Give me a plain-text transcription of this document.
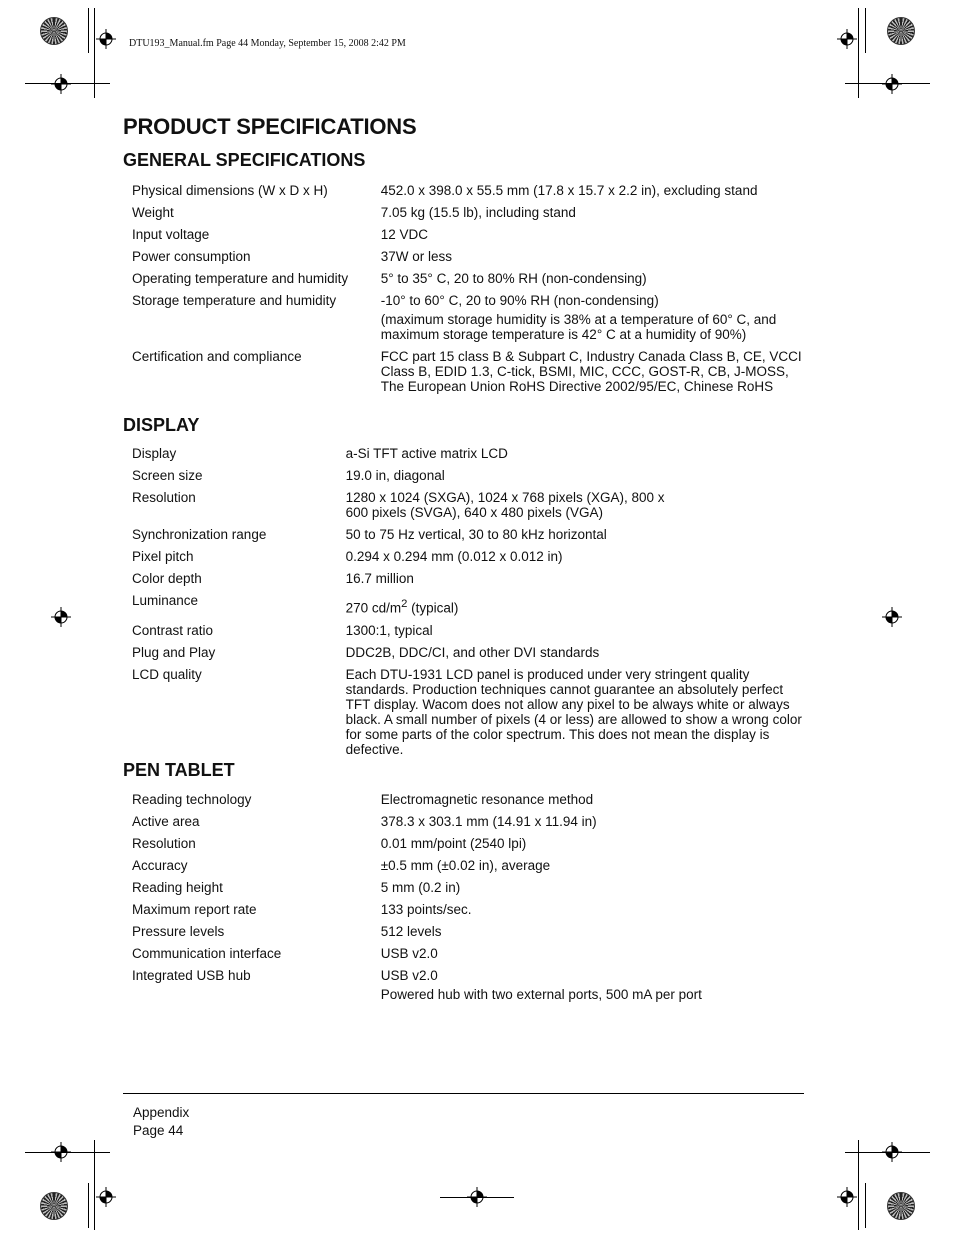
DTU193_Manual.fm Page 44 Monday, September 15, 2008 2:42 PM
PRODUCT SPECIFICATIONS
GENERAL SPECIFICATIONS
Physical dimensions (W x D x H)	452.0 x 398.0 x 55.5 mm (17.8 x 15.7 x 2.2 in), excluding stand
Weight	7.05 kg (15.5 lb), including stand
Input voltage	12 VDC
Power consumption	37W or less
Operating temperature and humidity	5° to 35° C, 20 to 80% RH (non-condensing)
Storage temperature and humidity	-10° to 60° C, 20 to 90% RH (non-condensing)
(maximum storage humidity is 38% at a temperature of 60° C, and maximum storage temperature is 42° C at a humidity of 90%)

Certification and compliance	FCC part 15 class B & Subpart C, Industry Canada Class B, CE, VCCI Class B, EDID 1.3, C-tick, BSMI, MIC, CCC, GOST-R, CB, J-MOSS, The European Union RoHS Directive 2002/95/EC, Chinese RoHS
DISPLAY
Display	a-Si TFT active matrix LCD
Screen size	19.0 in, diagonal
Resolution	1280 x 1024 (SXGA), 1024 x 768 pixels (XGA), 800 x 600 pixels (SVGA), 640 x 480 pixels (VGA)
Synchronization range	50 to 75 Hz vertical, 30 to 80 kHz horizontal
Pixel pitch	0.294 x 0.294 mm (0.012 x 0.012 in)
Color depth	16.7 million
Luminance	270 $cd/m^2$ (typical)
Contrast ratio	1300:1, typical
Plug and Play	DDC2B, DDC/CI, and other DVI standards
LCD quality	Each DTU-1931 LCD panel is produced under very stringent quality standards. Production techniques cannot guarantee an absolutely perfect TFT display. Wacom does not allow any pixel to be always white or always black. A small number of pixels (4 or less) are allowed to show a wrong color for some parts of the color spectrum. This does not mean the display is defective.
PEN TABLET
Reading technology	Electromagnetic resonance method
Active area	378.3 x 303.1 mm (14.91 x 11.94 in)
Resolution	0.01 mm/point (2540 lpi)
Accuracy	±0.5 mm (±0.02 in), average
Reading height	5 mm (0.2 in)
Maximum report rate	133 points/sec.
Pressure levels	512 levels
Communication interface	USB v2.0
Integrated USB hub	USB v2.0
Powered hub with two external ports, 500 mA per port
Appendix
Page 44
